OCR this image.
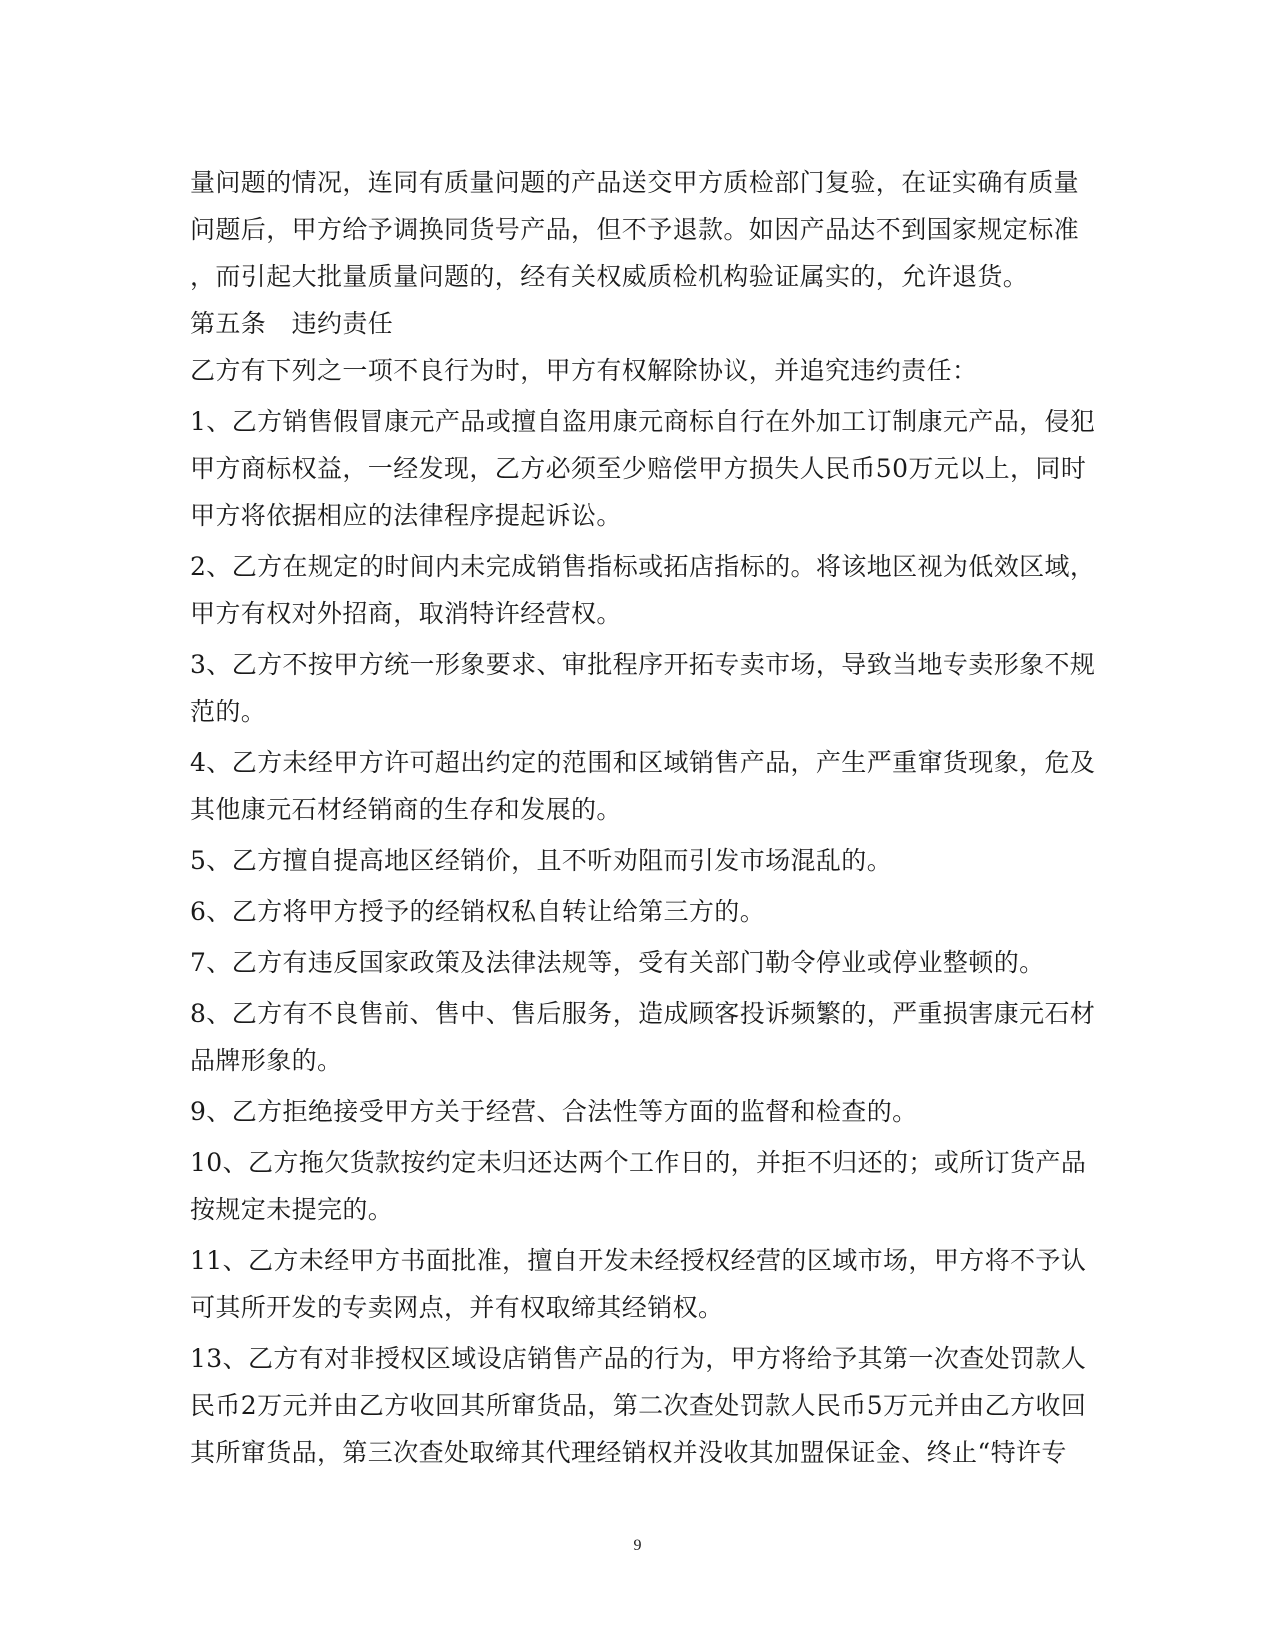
量问题的情况，连同有质量问题的产品送交甲方质检部门复验，在证实确有质量
问题后，甲方给予调换同货号产品，但不予退款。如因产品达不到国家规定标准
，而引起大批量质量问题的，经有关权威质检机构验证属实的，允许退货。
第五条　违约责任
乙方有下列之一项不良行为时，甲方有权解除协议，并追究违约责任：
1、乙方销售假冒康元产品或擅自盗用康元商标自行在外加工订制康元产品，侵犯
甲方商标权益，一经发现，乙方必须至少赔偿甲方损失人民币50万元以上，同时
甲方将依据相应的法律程序提起诉讼。
2、乙方在规定的时间内未完成销售指标或拓店指标的。将该地区视为低效区域，
甲方有权对外招商，取消特许经营权。
3、乙方不按甲方统一形象要求、审批程序开拓专卖市场，导致当地专卖形象不规
范的。
4、乙方未经甲方许可超出约定的范围和区域销售产品，产生严重窜货现象，危及
其他康元石材经销商的生存和发展的。
5、乙方擅自提高地区经销价，且不听劝阻而引发市场混乱的。
6、乙方将甲方授予的经销权私自转让给第三方的。
7、乙方有违反国家政策及法律法规等，受有关部门勒令停业或停业整顿的。
8、乙方有不良售前、售中、售后服务，造成顾客投诉频繁的，严重损害康元石材
品牌形象的。
9、乙方拒绝接受甲方关于经营、合法性等方面的监督和检查的。
10、乙方拖欠货款按约定未归还达两个工作日的，并拒不归还的；或所订货产品
按规定未提完的。
11、乙方未经甲方书面批准，擅自开发未经授权经营的区域市场，甲方将不予认
可其所开发的专卖网点，并有权取缔其经销权。
13、乙方有对非授权区域设店销售产品的行为，甲方将给予其第一次查处罚款人
民币2万元并由乙方收回其所窜货品，第二次查处罚款人民币5万元并由乙方收回
其所窜货品，第三次查处取缔其代理经销权并没收其加盟保证金、终止“特许专
9
